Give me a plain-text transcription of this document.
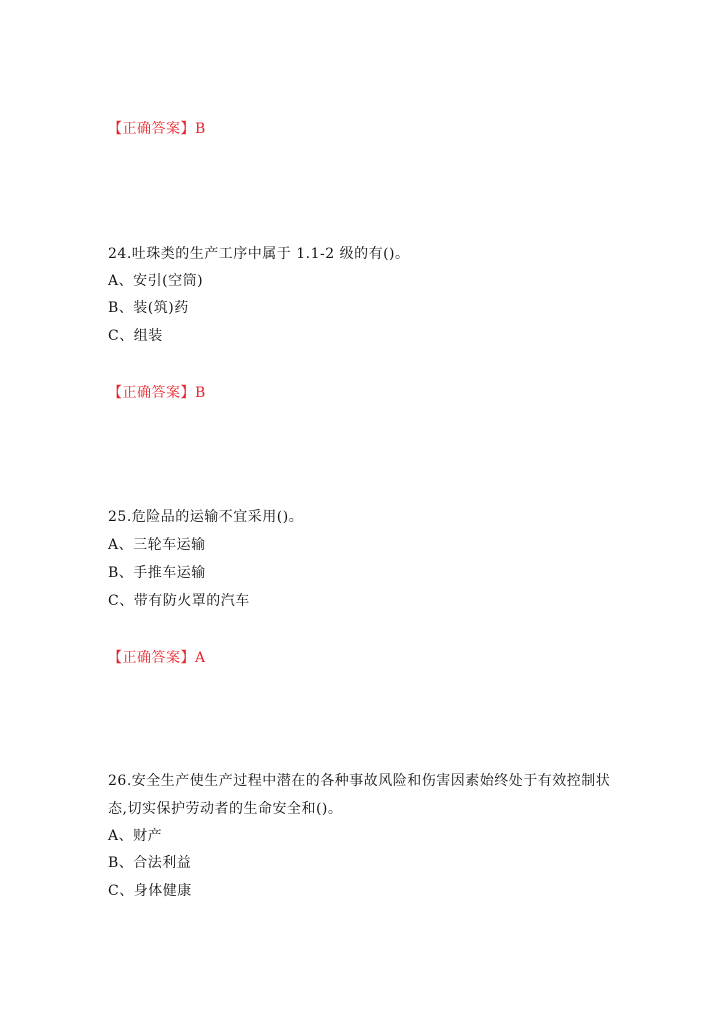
【正确答案】B
24.吐珠类的生产工序中属于 1.1-2 级的有()。
A、安引(空筒)
B、装(筑)药
C、组装
【正确答案】B
25.危险品的运输不宜采用()。
A、三轮车运输
B、手推车运输
C、带有防火罩的汽车
【正确答案】A
26.安全生产使生产过程中潜在的各种事故风险和伤害因素始终处于有效控制状态,切实保护劳动者的生命安全和()。
A、财产
B、合法利益
C、身体健康
